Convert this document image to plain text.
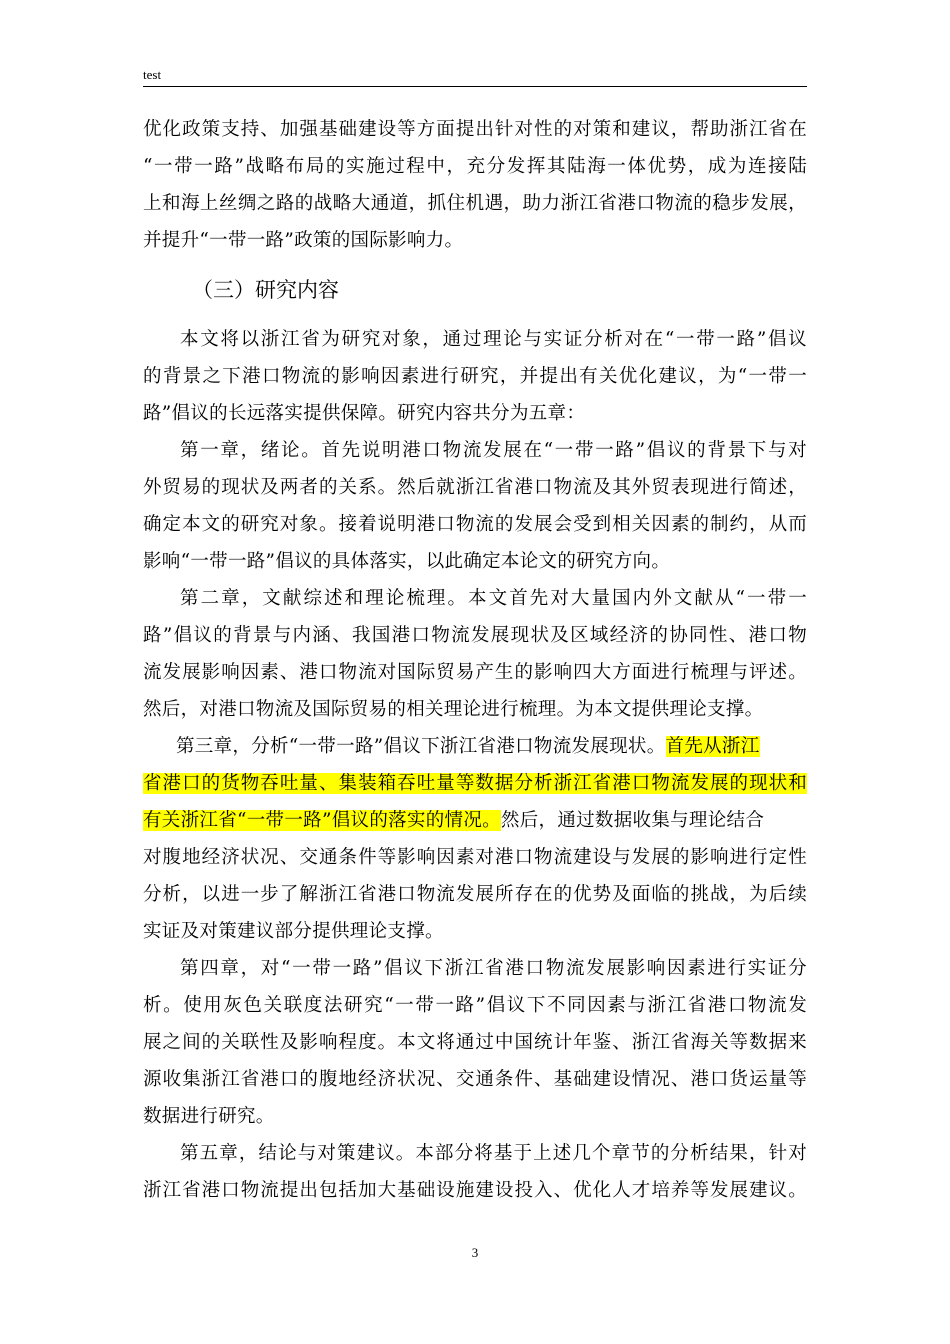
test
优化政策支持、加强基础建设等方面提出针对性的对策和建议，帮助浙江省在
“一带一路”战略布局的实施过程中，充分发挥其陆海一体优势，成为连接陆
上和海上丝绸之路的战略大通道，抓住机遇，助力浙江省港口物流的稳步发展，
并提升“一带一路”政策的国际影响力。
（三）研究内容
本文将以浙江省为研究对象，通过理论与实证分析对在“一带一路”倡议
的背景之下港口物流的影响因素进行研究，并提出有关优化建议，为“一带一
路”倡议的长远落实提供保障。研究内容共分为五章：
第一章，绪论。首先说明港口物流发展在“一带一路”倡议的背景下与对
外贸易的现状及两者的关系。然后就浙江省港口物流及其外贸表现进行简述，
确定本文的研究对象。接着说明港口物流的发展会受到相关因素的制约，从而
影响“一带一路”倡议的具体落实，以此确定本论文的研究方向。
第二章，文献综述和理论梳理。本文首先对大量国内外文献从“一带一
路”倡议的背景与内涵、我国港口物流发展现状及区域经济的协同性、港口物
流发展影响因素、港口物流对国际贸易产生的影响四大方面进行梳理与评述。
然后，对港口物流及国际贸易的相关理论进行梳理。为本文提供理论支撑。
第三章，分析“一带一路”倡议下浙江省港口物流发展现状。首先从浙江
省港口的货物吞吐量、集装箱吞吐量等数据分析浙江省港口物流发展的现状和
有关浙江省“一带一路”倡议的落实的情况。然后，通过数据收集与理论结合
对腹地经济状况、交通条件等影响因素对港口物流建设与发展的影响进行定性
分析，以进一步了解浙江省港口物流发展所存在的优势及面临的挑战，为后续
实证及对策建议部分提供理论支撑。
第四章，对“一带一路”倡议下浙江省港口物流发展影响因素进行实证分
析。使用灰色关联度法研究“一带一路”倡议下不同因素与浙江省港口物流发
展之间的关联性及影响程度。本文将通过中国统计年鉴、浙江省海关等数据来
源收集浙江省港口的腹地经济状况、交通条件、基础建设情况、港口货运量等
数据进行研究。
第五章，结论与对策建议。本部分将基于上述几个章节的分析结果，针对
浙江省港口物流提出包括加大基础设施建设投入、优化人才培养等发展建议。
3
